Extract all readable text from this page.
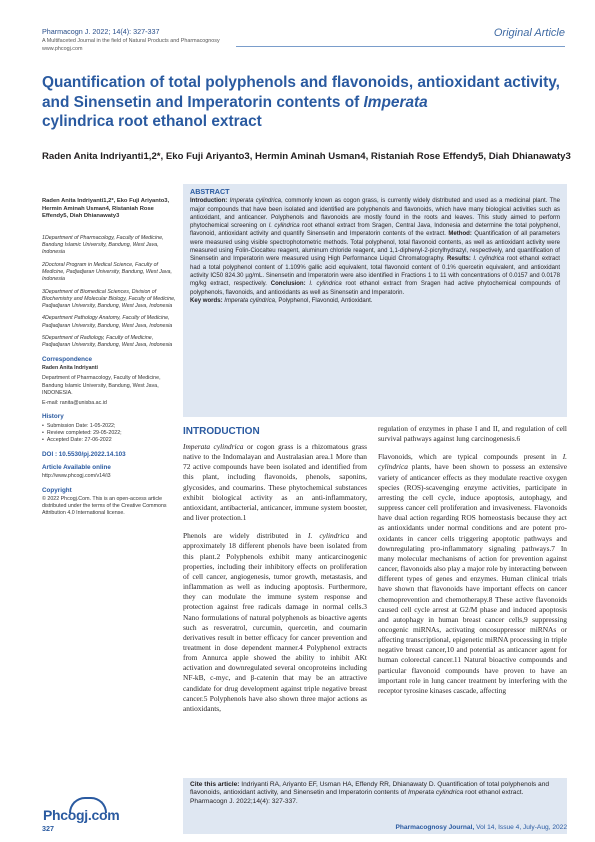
Pharmacogn J. 2022; 14(4): 327-337
A Multifaceted Journal in the field of Natural Products and Pharmacognosy
www.phcogj.com
Original Article
Quantification of total polyphenols and flavonoids, antioxidant activity, and Sinensetin and Imperatorin contents of Imperata
cylindrica root ethanol extract
Raden Anita Indriyanti1,2*, Eko Fuji Ariyanto3, Hermin Aminah Usman4, Ristaniah Rose Effendy5, Diah Dhianawaty3
Raden Anita Indriyanti1,2*, Eko Fuji Ariyanto3, Hermin Aminah Usman4, Ristaniah Rose Effendy5, Diah Dhianawaty3
1Department of Pharmacology, Faculty of Medicine, Bandung Islamic University, Bandung, West Java, Indonesia
2Doctoral Program in Medical Science, Faculty of Medicine, Padjadjaran University, Bandung, West Java, Indonesia
3Department of Biomedical Sciences, Division of Biochemistry and Molecular Biology, Faculty of Medicine, Padjadjaran University, Bandung, West Java, Indonesia
4Department Pathology Anatomy, Faculty of Medicine, Padjadjaran University, Bandung, West Java, Indonesia
5Department of Radiology, Faculty of Medicine, Padjadjaran University, Bandung, West Java, Indonesia
Correspondence
Raden Anita Indriyanti
Department of Pharmacology, Faculty of Medicine, Bandung Islamic University, Bandung, West Java, INDONESIA.
E-mail: ranita@unisba.ac.id
History
• Submission Date: 1-05-2022;
• Review completed: 29-05-2022;
• Accepted Date: 27-06-2022
DOI : 10.5530/pj.2022.14.103
Article Available online
http://www.phcogj.com/v14/i3
Copyright
© 2022 Phcogj.Com. This is an open-access article distributed under the terms of the Creative Commons Attribution 4.0 International license.
ABSTRACT
Introduction: Imperata cylindrica, commonly known as cogon grass, is currently widely distributed and used as a medicinal plant. The major compounds that have been isolated and identified are polyphenols and flavonoids, which have many biological activities such as antioxidant, and anticancer. Polyphenols and flavonoids are mostly found in the roots and leaves. This study aimed to perform phytochemical screening on I. cylindrica root ethanol extract from Sragen, Central Java, Indonesia and determine the total polyphenol, flavonoid, antioxidant activity and quantify Sinensetin and Imperatorin contents of the extract. Method: Quantification of all parameters were measured using visible spectrophotometric methods. Total polyphenol, total flavonoid contents, as well as antioxidant activity were measured using Folin-Ciocalteu reagent, aluminum chloride reagent, and 1,1-diphenyl-2-picrylhydrazyl, respectively, and quantification of Sinensetin and Imperatorin were measured using High Performance Liquid Chromatography. Results: I. cylindrica root ethanol extract had a total polyphenol content of 1.109% gallic acid equivalent, total flavonoid content of 0.1% quercetin equivalent, and antioxidant activity IC50 824.30 µg/mL. Sinensetin and Imperatorin were also identified in Fractions 1 to 11 with concentrations of 0.0157 and 0.0178 mg/kg extract, respectively. Conclusion: I. cylindrica root ethanol extract from Sragen had active phytochemical compounds of polyphenols, flavonoids, and antioxidants as well as Sinensetin and Imperatorin.
Key words: Imperata cylindrica, Polyphenol, Flavonoid, Antioxidant.
INTRODUCTION

Imperata cylindrica or cogon grass is a rhizomatous grass native to the Indomalayan and Australasian area.1 More than 72 active compounds have been isolated and identified from this plant, including flavonoids, phenols, saponins, glycosides, and coumarins. These phytochemical substances exhibit biological activity as an anti-inflammatory, antioxidant, antibacterial, anticancer, immune system booster, and liver protection.1

Phenols are widely distributed in I. cylindrica and approximately 18 different phenols have been isolated from this plant.2 Polyphenols exhibit many anticarcinogenic properties, including their inhibitory effects on proliferation of cell cancer, angiogenesis, tumor growth, metastasis, and inflammation as well as inducing apoptosis. Furthermore, they can modulate the immune system response and protection against free radicals damage in normal cells.3 Nano formulations of natural polyphenols as bioactive agents such as resveratrol, curcumin, quercetin, and coumarin derivatives result in better efficacy for cancer prevention and treatment in dose dependent manner.4 Polyphenol extracts from Annurca apple showed the ability to inhibit AKt activation and downregulated several oncoproteins including NF-kB, c-myc, and β-catenin that may be an attractive candidate for drug development against triple negative breast cancer.5 Polyphenols have also shown three major actions as antioxidants,

regulation of enzymes in phase I and II, and regulation of cell survival pathways against lung carcinogenesis.6

Flavonoids, which are typical compounds present in I. cylindrica plants, have been shown to possess an extensive variety of anticancer effects as they modulate reactive oxygen species (ROS)-scavenging enzyme activities, participate in arresting the cell cycle, induce apoptosis, autophagy, and suppress cancer cell proliferation and invasiveness. Flavonoids have dual action regarding ROS homeostasis because they act as antioxidants under normal conditions and are potent pro-oxidants in cancer cells triggering apoptotic pathways and downregulating pro-inflammatory signaling pathways.7 In many molecular mechanisms of action for prevention against cancer, flavonoids also play a major role by interacting between different types of genes and enzymes. Human clinical trials have shown that flavonoids have important effects on cancer chemoprevention and chemotherapy.8 These active flavonoids caused cell cycle arrest at G2/M phase and induced apoptosis and autophagy in human breast cancer cells,9 suppressing oncogenic miRNAs, activating oncosuppressor miRNAs or affecting transcriptional, epigenetic miRNA processing in triple negative breast cancer,10 and potential as anticancer agent for human colorectal cancer.11 Natural bioactive compounds and particular flavonoid compounds have proven to have an important role in lung cancer treatment by interfering with the receptor tyrosine kinases cascade, affecting

Cite this article: Indriyanti RA, Ariyanto EF, Usman HA, Effendy RR, Dhianawaty D. Quantification of total polyphenols and flavonoids, antioxidant activity, and Sinensetin and Imperatorin contents of Imperata cylindrica root ethanol extract. Pharmacogn J. 2022;14(4): 327-337.
Phcogj.com
327	Pharmacognosy Journal, Vol 14, Issue 4, July-Aug, 2022
